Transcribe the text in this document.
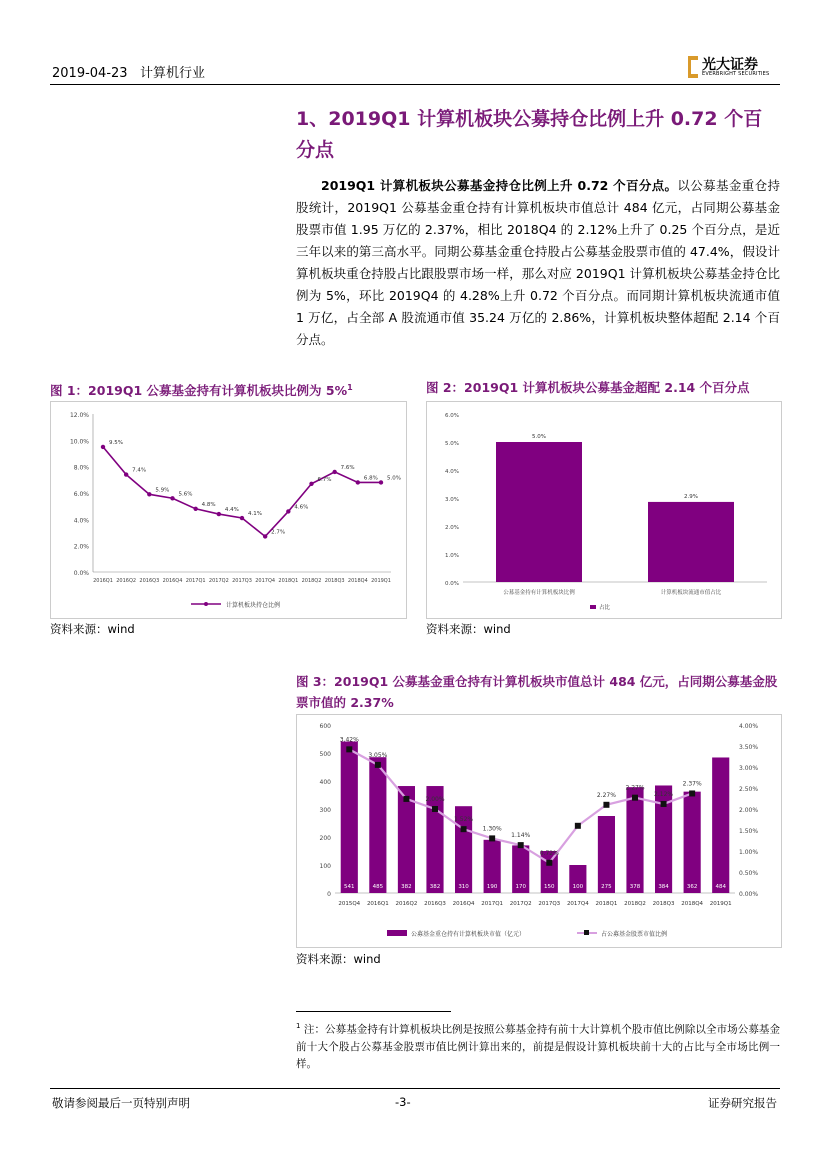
2019-04-23 计算机行业
光大证券
EVERBRIGHT SECURITIES
1、2019Q1 计算机板块公募持仓比例上升 0.72 个百分点
  2019Q1 计算机板块公募基金持仓比例上升 0.72 个百分点。以公募基金重仓持股统计，2019Q1 公募基金重仓持有计算机板块市值总计 484 亿元，占同期公募基金股票市值 1.95 万亿的 2.37%，相比 2018Q4 的 2.12%上升了 0.25 个百分点，是近三年以来的第三高水平。同期公募基金重仓持股占公募基金股票市值的 47.4%，假设计算机板块重仓持股占比跟股票市场一样，那么对应 2019Q1 计算机板块公募基金持仓比例为 5%，环比 2019Q4 的 4.28%上升 0.72 个百分点。而同期计算机板块流通市值 1 万亿，占全部 A 股流通市值 35.24 万亿的 2.86%，计算机板块整体超配 2.14 个百分点。
图 1：2019Q1 公募基金持有计算机板块比例为 5%$^1$
0.0%
2.0%
4.0%
6.0%
8.0%
10.0%
12.0%
9.5%
7.4%
5.9%
5.6%
4.8%
4.4%
4.1%
2.7%
4.6%
6.7%
7.6%
6.8% 5.0%
2016Q1 2016Q2 2016Q3 2016Q4 2017Q1 2017Q2 2017Q3 2017Q4 2018Q1 2018Q2 2018Q3 2018Q4 2019Q1
计算机板块持仓比例
资料来源：wind
图 2：2019Q1 计算机板块公募基金超配 2.14 个百分点
0.0%
1.0%
2.0%
3.0%
4.0%
5.0%
6.0%
5.0%
公募基金持有计算机板块比例
2.9%
计算机板块流通市值占比
占比
资料来源：wind
图 3：2019Q1 公募基金重仓持有计算机板块市值总计 484 亿元，占同期公募基金股票市值的 2.37%
0
100
200
300
400
500
600
0.00%
0.50%
1.00%
1.50%
2.00%
2.50%
3.00%
3.50%
4.00%
541
2015Q4
485
2016Q1
382
2016Q2
382
2016Q3
310
2016Q4
190
2017Q1
170
2017Q2
150
2017Q3
100
2017Q4
275
2018Q1
378
2018Q2
384
2018Q3
362
2018Q4
484
2019Q1
3.42%
3.05%
2.00%
1.52%
1.30%
1.14%
0.72%
2.27%
2.27%
2.12%
2.37%
公募基金重仓持有计算机板块市值（亿元）	占公募基金股票市值比例
资料来源：wind
$^1$ 注：公募基金持有计算机板块比例是按照公募基金持有前十大计算机个股市值比例除以全市场公募基金前十大个股占公募基金股票市值比例计算出来的，前提是假设计算机板块前十大的占比与全市场比例一样。
敬请参阅最后一页特别声明	-3-	证券研究报告
